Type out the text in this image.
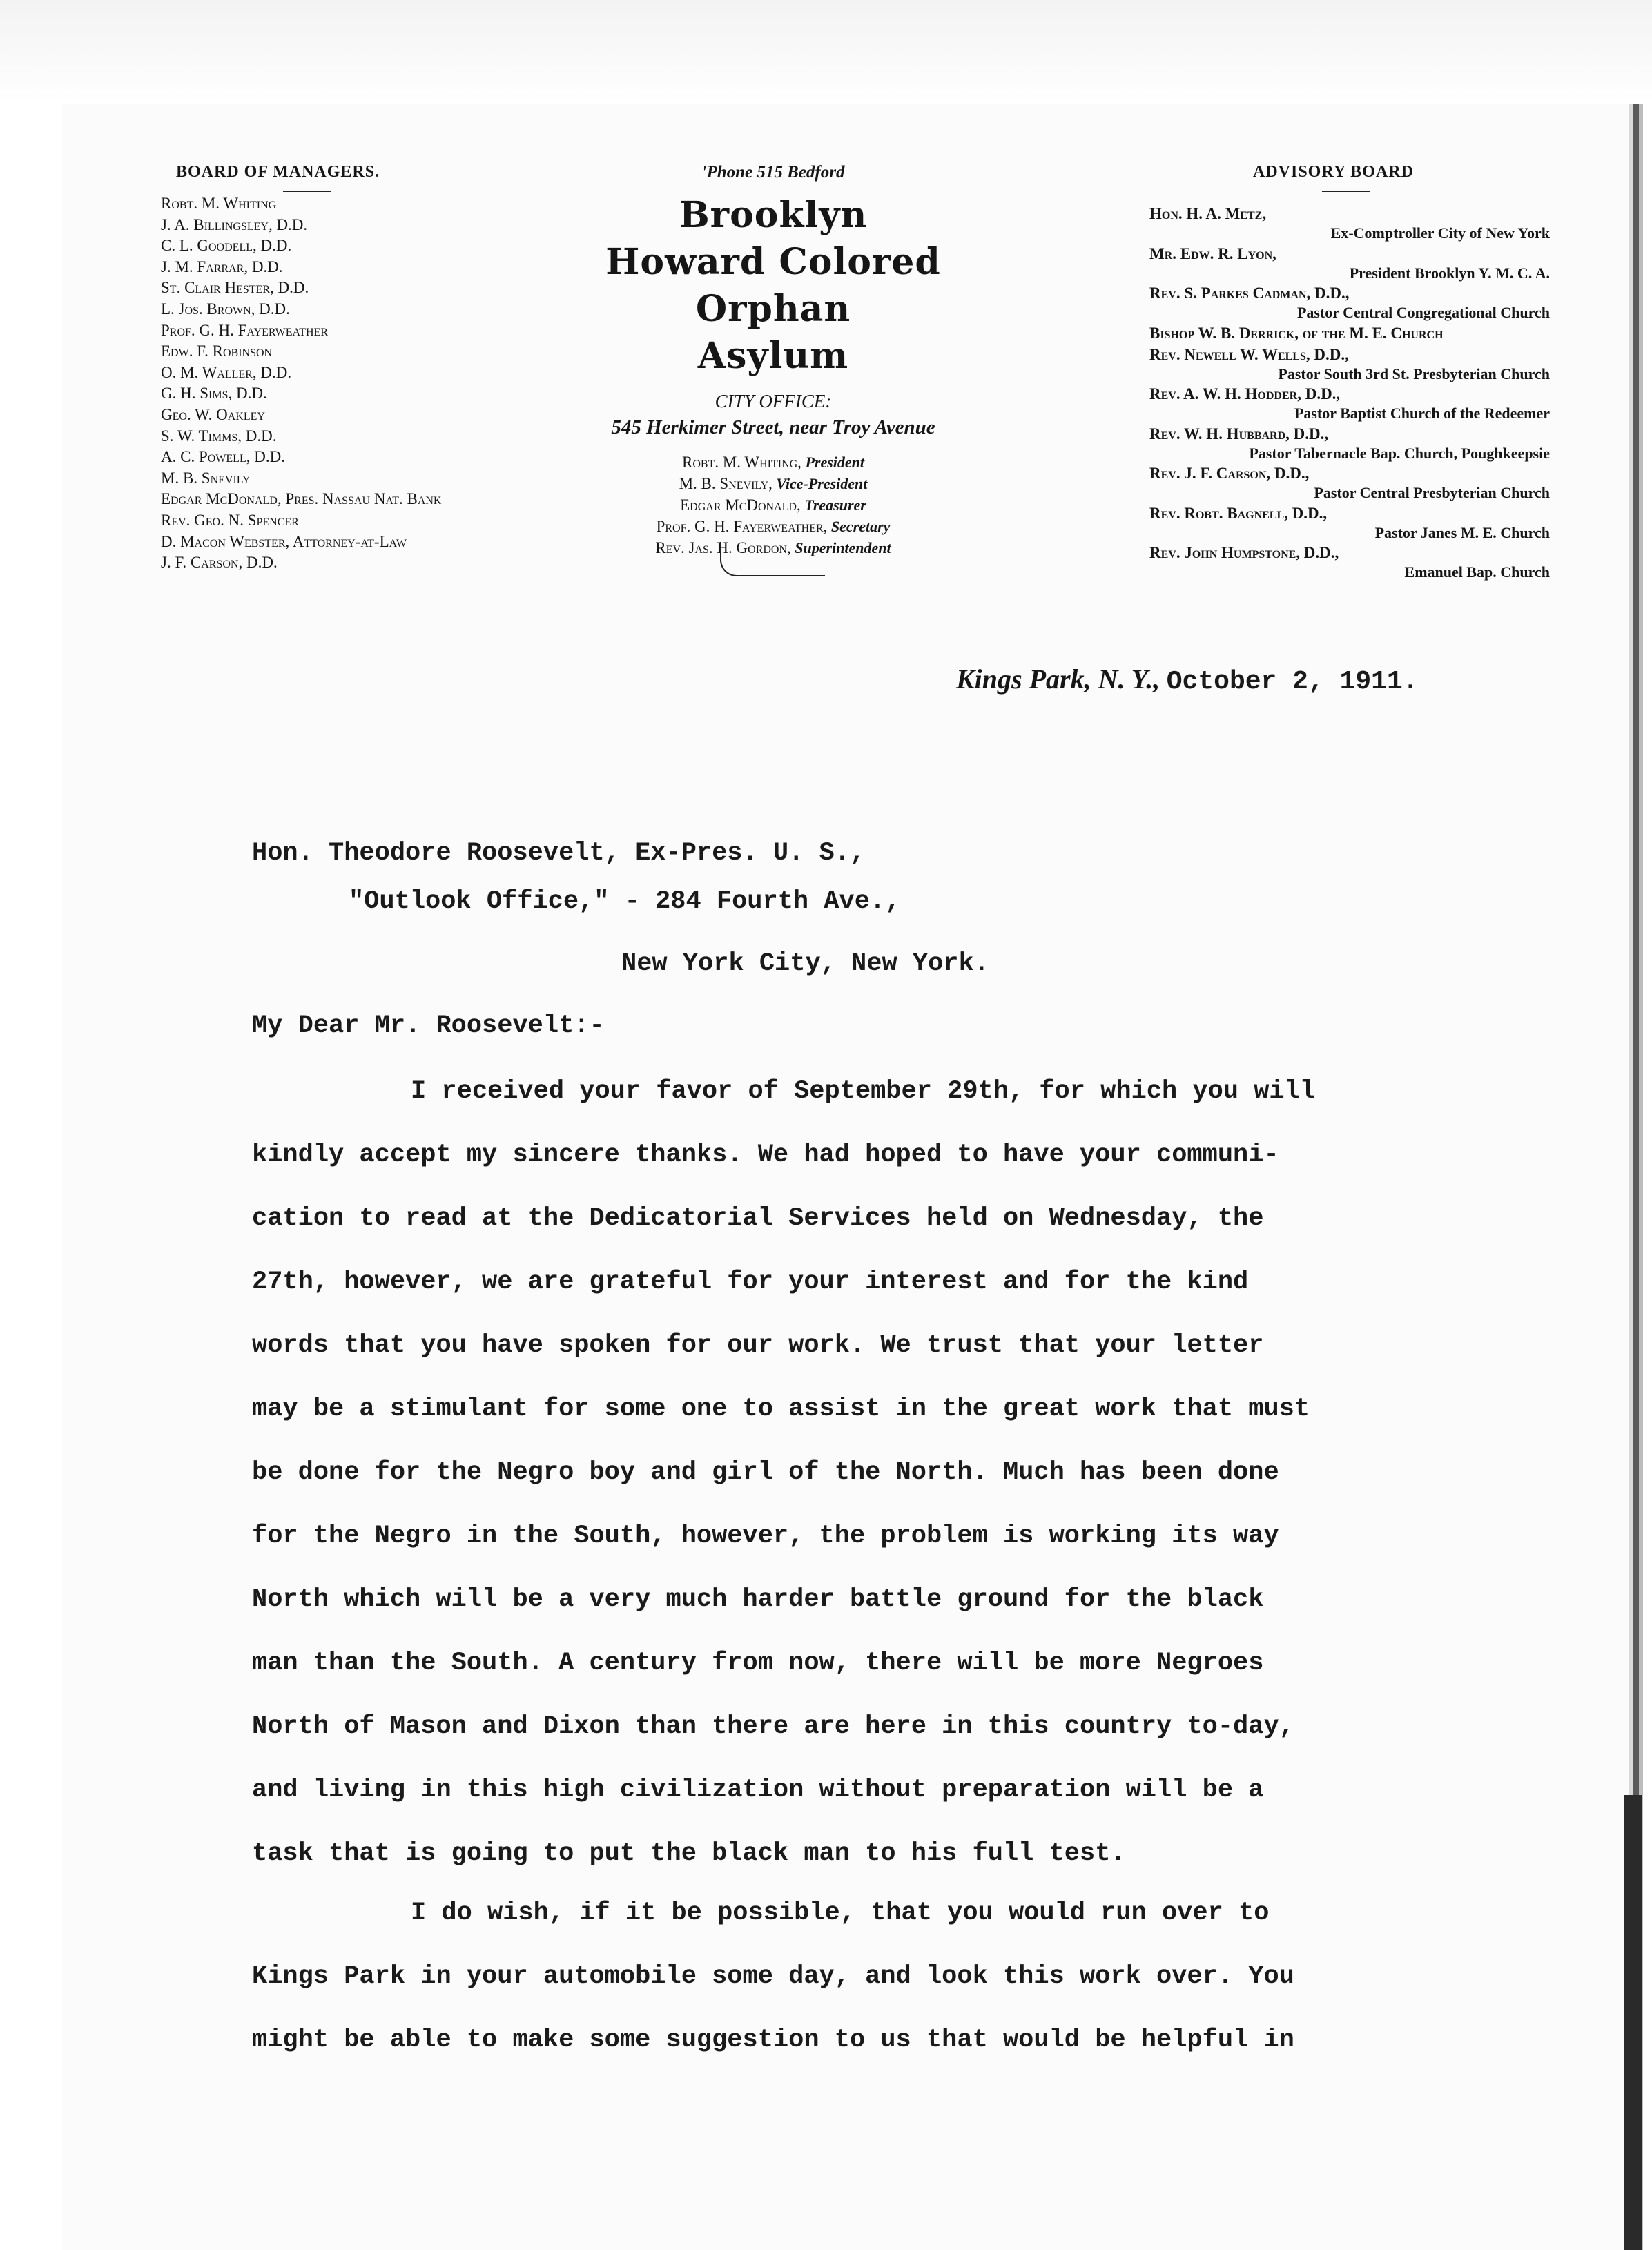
BOARD OF MANAGERS.
Robt. M. Whiting
J. A. Billingsley, D.D.
C. L. Goodell, D.D.
J. M. Farrar, D.D.
St. Clair Hester, D.D.
L. Jos. Brown, D.D.
Prof. G. H. Fayerweather
Edw. F. Robinson
O. M. Waller, D.D.
G. H. Sims, D.D.
Geo. W. Oakley
S. W. Timms, D.D.
A. C. Powell, D.D.
M. B. Snevily
Edgar McDonald, Pres. Nassau Nat. Bank
Rev. Geo. N. Spencer
D. Macon Webster, Attorney-at-Law
J. F. Carson, D.D.
'Phone 515 Bedford
Brooklyn
Howard Colored Orphan
Asylum
CITY OFFICE:
545 Herkimer Street, near Troy Avenue
Robt. M. Whiting, President
M. B. Snevily, Vice-President
Edgar McDonald, Treasurer
Prof. G. H. Fayerweather, Secretary
Rev. Jas. H. Gordon, Superintendent
ADVISORY BOARD
Hon. H. A. Metz,
Ex-Comptroller City of New York
Mr. Edw. R. Lyon,
President Brooklyn Y. M. C. A.
Rev. S. Parkes Cadman, D.D.,
Pastor Central Congregational Church
Bishop W. B. Derrick, of the M. E. Church
Rev. Newell W. Wells, D.D.,
Pastor South 3rd St. Presbyterian Church
Rev. A. W. H. Hodder, D.D.,
Pastor Baptist Church of the Redeemer
Rev. W. H. Hubbard, D.D.,
Pastor Tabernacle Bap. Church, Poughkeepsie
Rev. J. F. Carson, D.D.,
Pastor Central Presbyterian Church
Rev. Robt. Bagnell, D.D.,
Pastor Janes M. E. Church
Rev. John Humpstone, D.D.,
Emanuel Bap. Church
Kings Park, N. Y., October 2, 1911.
Hon. Theodore Roosevelt, Ex-Pres. U. S.,
"Outlook Office," - 284 Fourth Ave.,
New York City, New York.
My Dear Mr. Roosevelt:-
I received your favor of September 29th, for which you will
kindly accept my sincere thanks. We had hoped to have your communi-
cation to read at the Dedicatorial Services held on Wednesday, the
27th, however, we are grateful for your interest and for the kind
words that you have spoken for our work. We trust that your letter
may be a stimulant for some one to assist in the great work that must
be done for the Negro boy and girl of the North. Much has been done
for the Negro in the South, however, the problem is working its way
North which will be a very much harder battle ground for the black
man than the South. A century from now, there will be more Negroes
North of Mason and Dixon than there are here in this country to-day,
and living in this high civilization without preparation will be a
task that is going to put the black man to his full test.
I do wish, if it be possible, that you would run over to
Kings Park in your automobile some day, and look this work over. You
might be able to make some suggestion to us that would be helpful in
